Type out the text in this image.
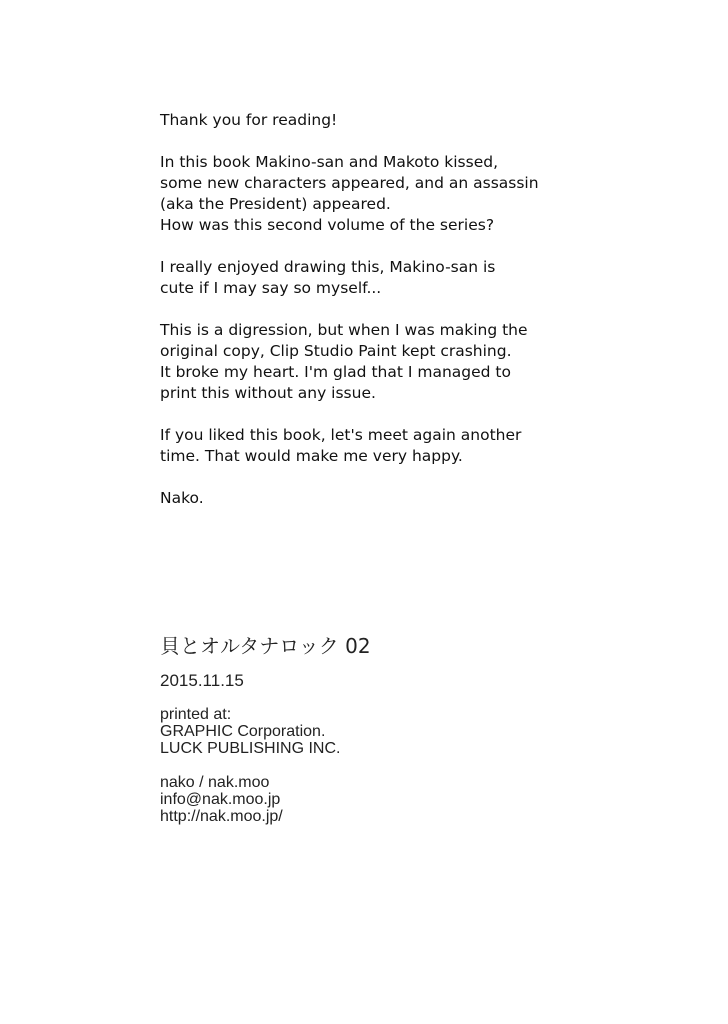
Thank you for reading!

In this book Makino-san and Makoto kissed,
some new characters appeared, and an assassin
(aka the President) appeared.
How was this second volume of the series?

I really enjoyed drawing this, Makino-san is
cute if I may say so myself...

This is a digression, but when I was making the
original copy, Clip Studio Paint kept crashing.
It broke my heart. I'm glad that I managed to
print this without any issue.

If you liked this book, let's meet again another
time. That would make me very happy.

Nako.

貝とオルタナロック 02
2015.11.15
printed at:
GRAPHIC Corporation.
LUCK PUBLISHING INC.
nako / nak.moo
info@nak.moo.jp
http://nak.moo.jp/
